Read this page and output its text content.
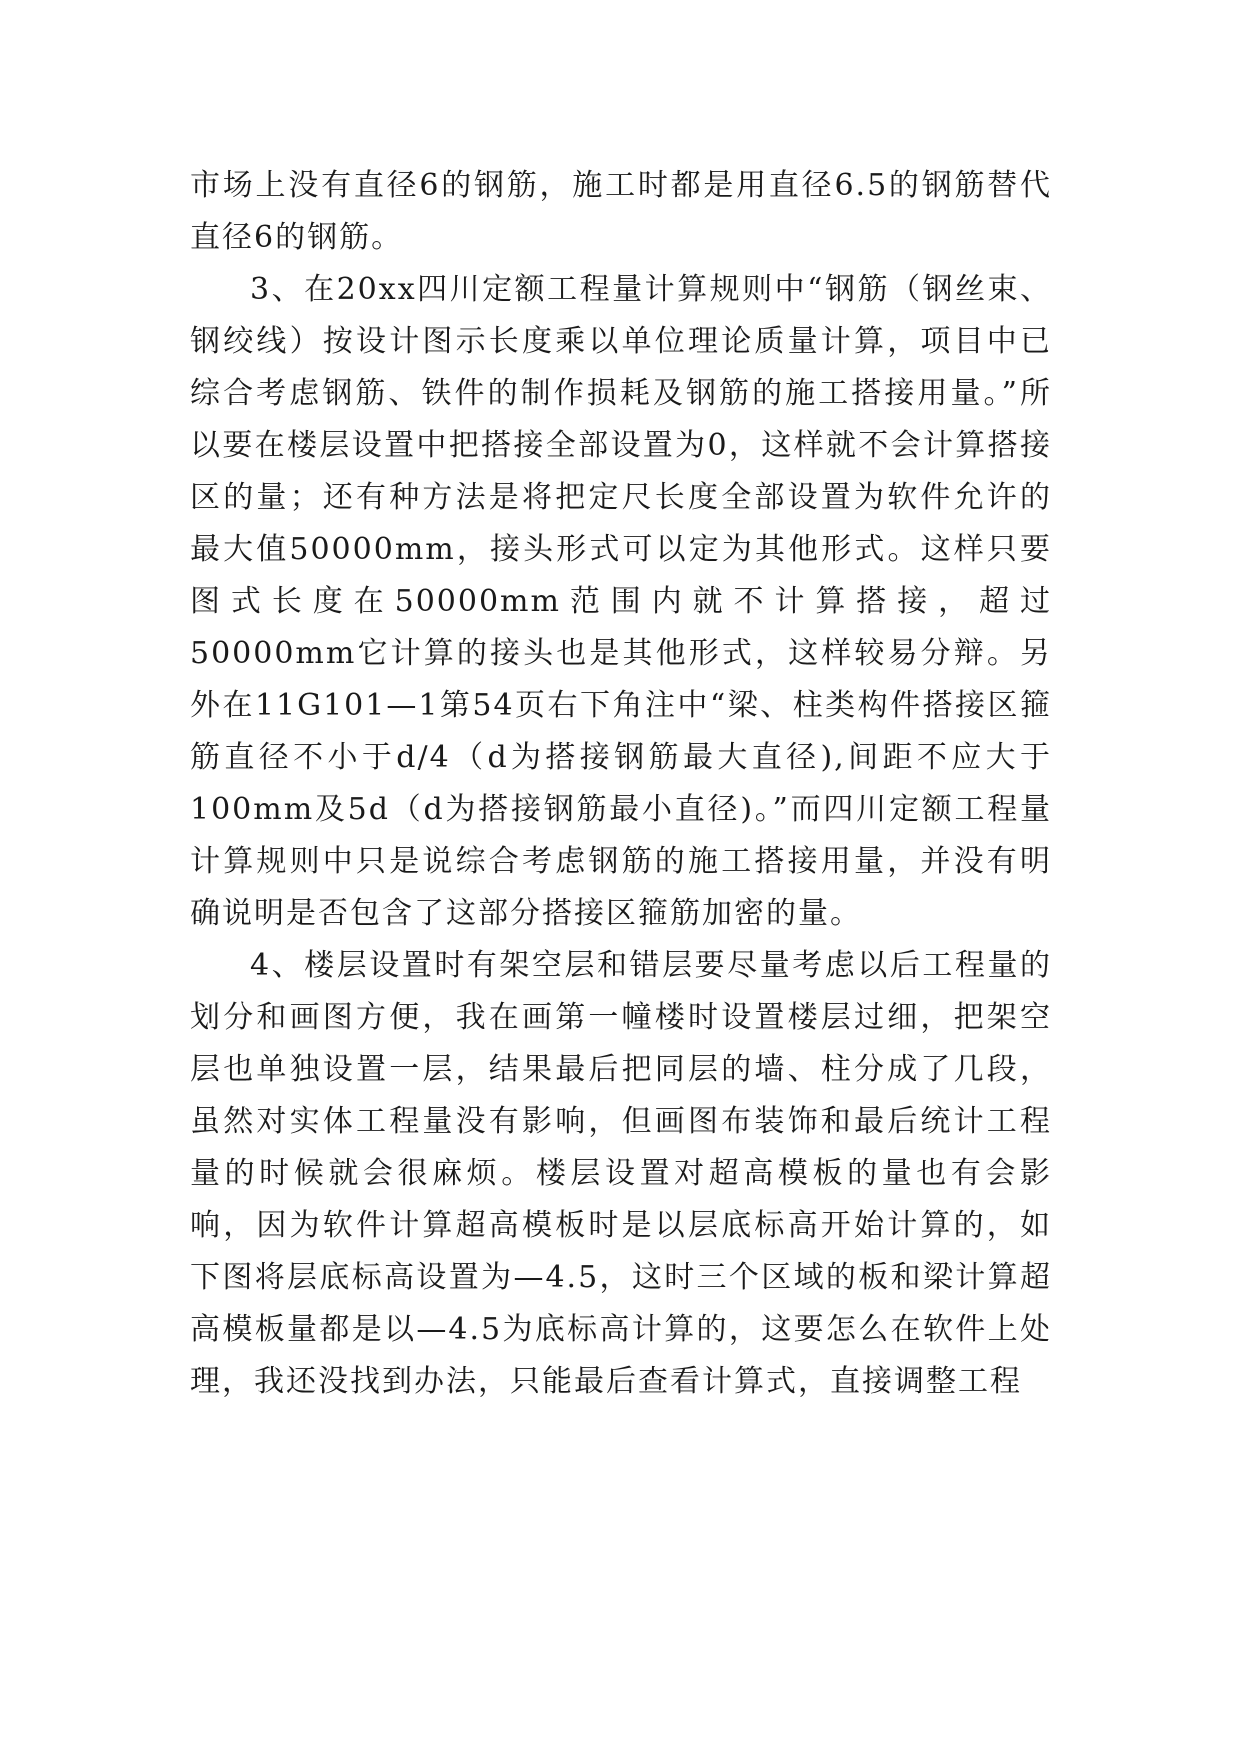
市场上没有直径6的钢筋，施工时都是用直径6.5的钢筋替代直径6的钢筋。

3、在20xx四川定额工程量计算规则中“钢筋（钢丝束、钢绞线）按设计图示长度乘以单位理论质量计算，项目中已综合考虑钢筋、铁件的制作损耗及钢筋的施工搭接用量。”所以要在楼层设置中把搭接全部设置为0，这样就不会计算搭接区的量；还有种方法是将把定尺长度全部设置为软件允许的最大值50000mm，接头形式可以定为其他形式。这样只要图式长度在50000mm范围内就不计算搭接，超过50000mm它计算的接头也是其他形式，这样较易分辩。另外在11G101—1第54页右下角注中“梁、柱类构件搭接区箍筋直径不小于d/4（d为搭接钢筋最大直径),间距不应大于100mm及5d（d为搭接钢筋最小直径)。”而四川定额工程量计算规则中只是说综合考虑钢筋的施工搭接用量，并没有明确说明是否包含了这部分搭接区箍筋加密的量。

4、楼层设置时有架空层和错层要尽量考虑以后工程量的划分和画图方便，我在画第一幢楼时设置楼层过细，把架空层也单独设置一层，结果最后把同层的墙、柱分成了几段，虽然对实体工程量没有影响，但画图布装饰和最后统计工程量的时候就会很麻烦。楼层设置对超高模板的量也有会影响，因为软件计算超高模板时是以层底标高开始计算的，如下图将层底标高设置为—4.5，这时三个区域的板和梁计算超高模板量都是以—4.5为底标高计算的，这要怎么在软件上处理，我还没找到办法，只能最后查看计算式，直接调整工程
